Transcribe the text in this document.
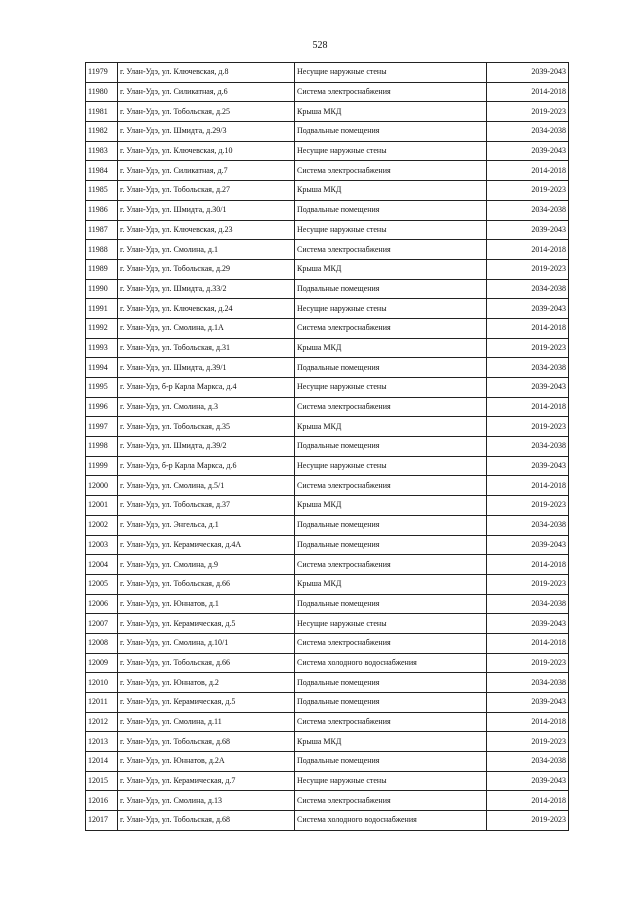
528
11979	г. Улан-Удэ, ул. Ключевская, д.8	Несущие наружные стены	2039-2043
11980	г. Улан-Удэ, ул. Силикатная, д.6	Система электроснабжения	2014-2018
11981	г. Улан-Удэ, ул. Тобольская, д.25	Крыша МКД	2019-2023
11982	г. Улан-Удэ, ул. Шмидта, д.29/3	Подвальные помещения	2034-2038
11983	г. Улан-Удэ, ул. Ключевская, д.10	Несущие наружные стены	2039-2043
11984	г. Улан-Удэ, ул. Силикатная, д.7	Система электроснабжения	2014-2018
11985	г. Улан-Удэ, ул. Тобольская, д.27	Крыша МКД	2019-2023
11986	г. Улан-Удэ, ул. Шмидта, д.30/1	Подвальные помещения	2034-2038
11987	г. Улан-Удэ, ул. Ключевская, д.23	Несущие наружные стены	2039-2043
11988	г. Улан-Удэ, ул. Смолина, д.1	Система электроснабжения	2014-2018
11989	г. Улан-Удэ, ул. Тобольская, д.29	Крыша МКД	2019-2023
11990	г. Улан-Удэ, ул. Шмидта, д.33/2	Подвальные помещения	2034-2038
11991	г. Улан-Удэ, ул. Ключевская, д.24	Несущие наружные стены	2039-2043
11992	г. Улан-Удэ, ул. Смолина, д.1А	Система электроснабжения	2014-2018
11993	г. Улан-Удэ, ул. Тобольская, д.31	Крыша МКД	2019-2023
11994	г. Улан-Удэ, ул. Шмидта, д.39/1	Подвальные помещения	2034-2038
11995	г. Улан-Удэ, б-р Карла Маркса, д.4	Несущие наружные стены	2039-2043
11996	г. Улан-Удэ, ул. Смолина, д.3	Система электроснабжения	2014-2018
11997	г. Улан-Удэ, ул. Тобольская, д.35	Крыша МКД	2019-2023
11998	г. Улан-Удэ, ул. Шмидта, д.39/2	Подвальные помещения	2034-2038
11999	г. Улан-Удэ, б-р Карла Маркса, д.6	Несущие наружные стены	2039-2043
12000	г. Улан-Удэ, ул. Смолина, д.5/1	Система электроснабжения	2014-2018
12001	г. Улан-Удэ, ул. Тобольская, д.37	Крыша МКД	2019-2023
12002	г. Улан-Удэ, ул. Энгельса, д.1	Подвальные помещения	2034-2038
12003	г. Улан-Удэ, ул. Керамическая, д.4А	Подвальные помещения	2039-2043
12004	г. Улан-Удэ, ул. Смолина, д.9	Система электроснабжения	2014-2018
12005	г. Улан-Удэ, ул. Тобольская, д.66	Крыша МКД	2019-2023
12006	г. Улан-Удэ, ул. Юннатов, д.1	Подвальные помещения	2034-2038
12007	г. Улан-Удэ, ул. Керамическая, д.5	Несущие наружные стены	2039-2043
12008	г. Улан-Удэ, ул. Смолина, д.10/1	Система электроснабжения	2014-2018
12009	г. Улан-Удэ, ул. Тобольская, д.66	Система холодного водоснабжения	2019-2023
12010	г. Улан-Удэ, ул. Юннатов, д.2	Подвальные помещения	2034-2038
12011	г. Улан-Удэ, ул. Керамическая, д.5	Подвальные помещения	2039-2043
12012	г. Улан-Удэ, ул. Смолина, д.11	Система электроснабжения	2014-2018
12013	г. Улан-Удэ, ул. Тобольская, д.68	Крыша МКД	2019-2023
12014	г. Улан-Удэ, ул. Юннатов, д.2А	Подвальные помещения	2034-2038
12015	г. Улан-Удэ, ул. Керамическая, д.7	Несущие наружные стены	2039-2043
12016	г. Улан-Удэ, ул. Смолина, д.13	Система электроснабжения	2014-2018
12017	г. Улан-Удэ, ул. Тобольская, д.68	Система холодного водоснабжения	2019-2023
